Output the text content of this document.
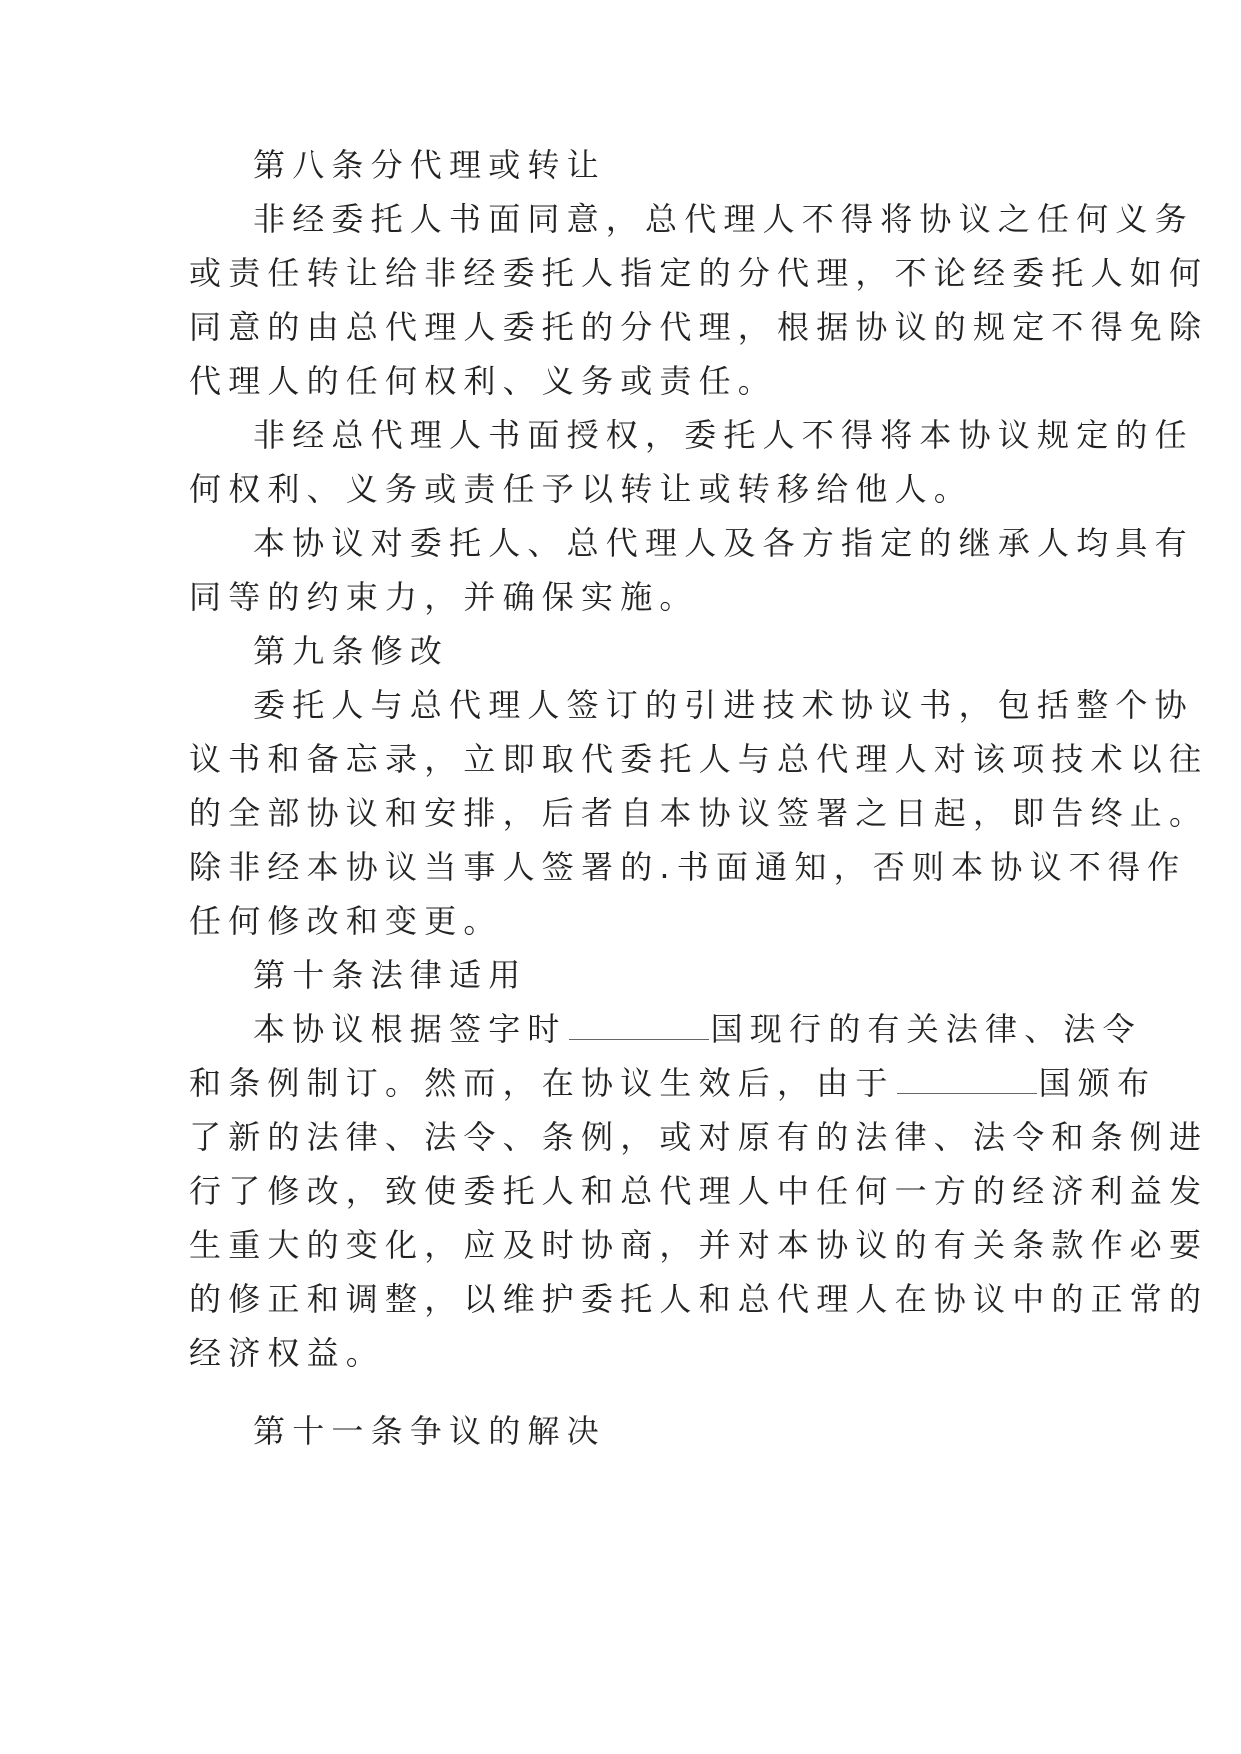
第八条分代理或转让
非经委托人书面同意，总代理人不得将协议之任何义务
或责任转让给非经委托人指定的分代理，不论经委托人如何
同意的由总代理人委托的分代理，根据协议的规定不得免除
代理人的任何权利、义务或责任。
非经总代理人书面授权，委托人不得将本协议规定的任
何权利、义务或责任予以转让或转移给他人。
本协议对委托人、总代理人及各方指定的继承人均具有
同等的约束力，并确保实施。
第九条修改
委托人与总代理人签订的引进技术协议书，包括整个协
议书和备忘录，立即取代委托人与总代理人对该项技术以往
的全部协议和安排，后者自本协议签署之日起，即告终止。
除非经本协议当事人签署的.书面通知，否则本协议不得作
任何修改和变更。
第十条法律适用
本协议根据签字时	国现行的有关法律、法令
和条例制订。然而，在协议生效后，由于	国颁布
了新的法律、法令、条例，或对原有的法律、法令和条例进
行了修改，致使委托人和总代理人中任何一方的经济利益发
生重大的变化，应及时协商，并对本协议的有关条款作必要
的修正和调整，以维护委托人和总代理人在协议中的正常的
经济权益。
第十一条争议的解决
